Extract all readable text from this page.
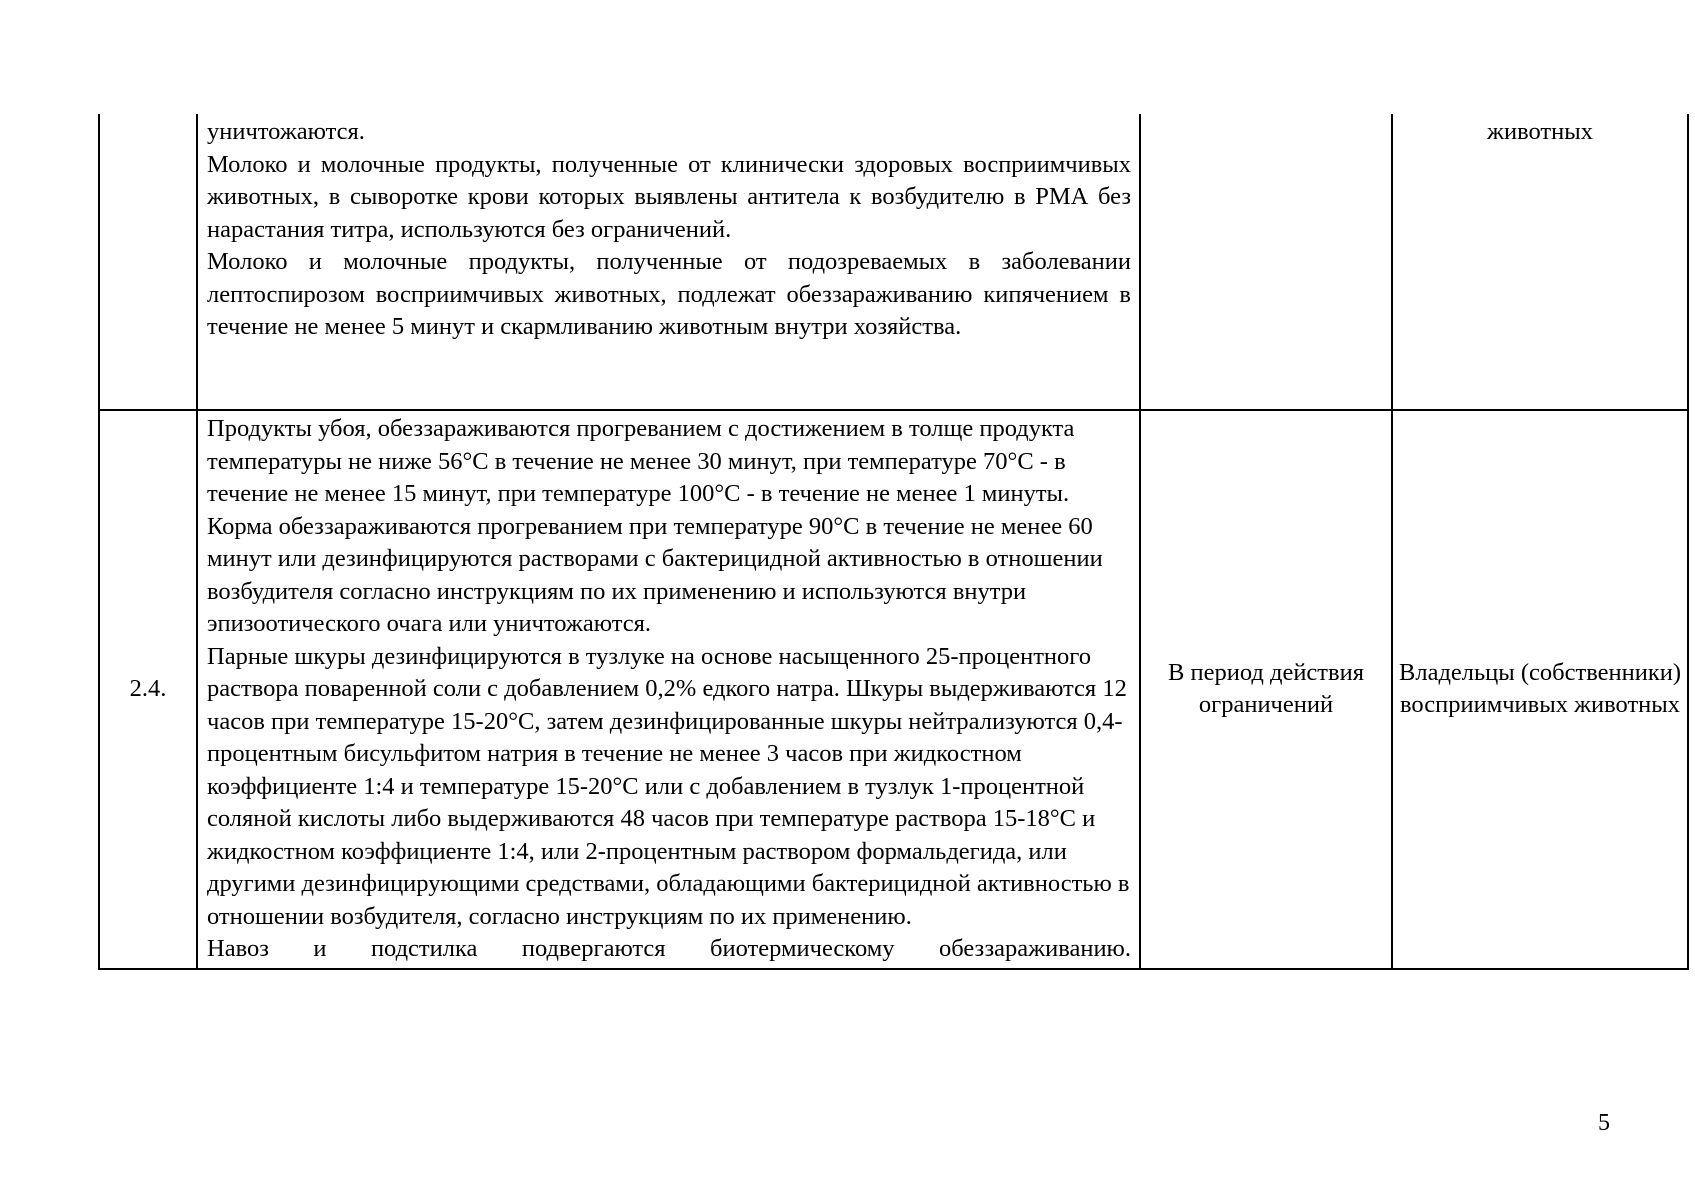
	уничтожаются.

Молоко и молочные продукты, полученные от клинически здоровых восприимчивых животных, в сыворотке крови которых выявлены антитела к возбудителю в РМА без нарастания титра, используются без ограничений.

Молоко и молочные продукты, полученные от подозреваемых в заболевании лептоспирозом восприимчивых животных, подлежат обеззараживанию кипячением в течение не менее 5 минут и скармливанию животным внутри хозяйства.		животных

2.4.	Продукты убоя, обеззараживаются прогреванием с достижением в толще продукта температуры не ниже 56°С в течение не менее 30 минут, при температуре 70°С - в течение не менее 15 минут, при температуре 100°С - в течение не менее 1 минуты.

Корма обеззараживаются прогреванием при температуре 90°С в течение не менее 60 минут или дезинфицируются растворами с бактерицидной активностью в отношении возбудителя согласно инструкциям по их применению и используются внутри эпизоотического очага или уничтожаются.

Парные шкуры дезинфицируются в тузлуке на основе насыщенного 25-процентного раствора поваренной соли с добавлением 0,2% едкого натра. Шкуры выдерживаются 12 часов при температуре 15-20°С, затем дезинфицированные шкуры нейтрализуются 0,4-процентным бисульфитом натрия в течение не менее 3 часов при жидкостном коэффициенте 1:4 и температуре 15-20°С или с добавлением в тузлук 1-процентной соляной кислоты либо выдерживаются 48 часов при температуре раствора 15-18°С и жидкостном коэффициенте 1:4, или 2-процентным раствором формальдегида, или другими дезинфицирующими средствами, обладающими бактерицидной активностью в отношении возбудителя, согласно инструкциям по их применению.

Навоз и подстилка подвергаются биотермическому обеззараживанию.	В период действия ограничений	Владельцы (собственники) восприимчивых животных
5
